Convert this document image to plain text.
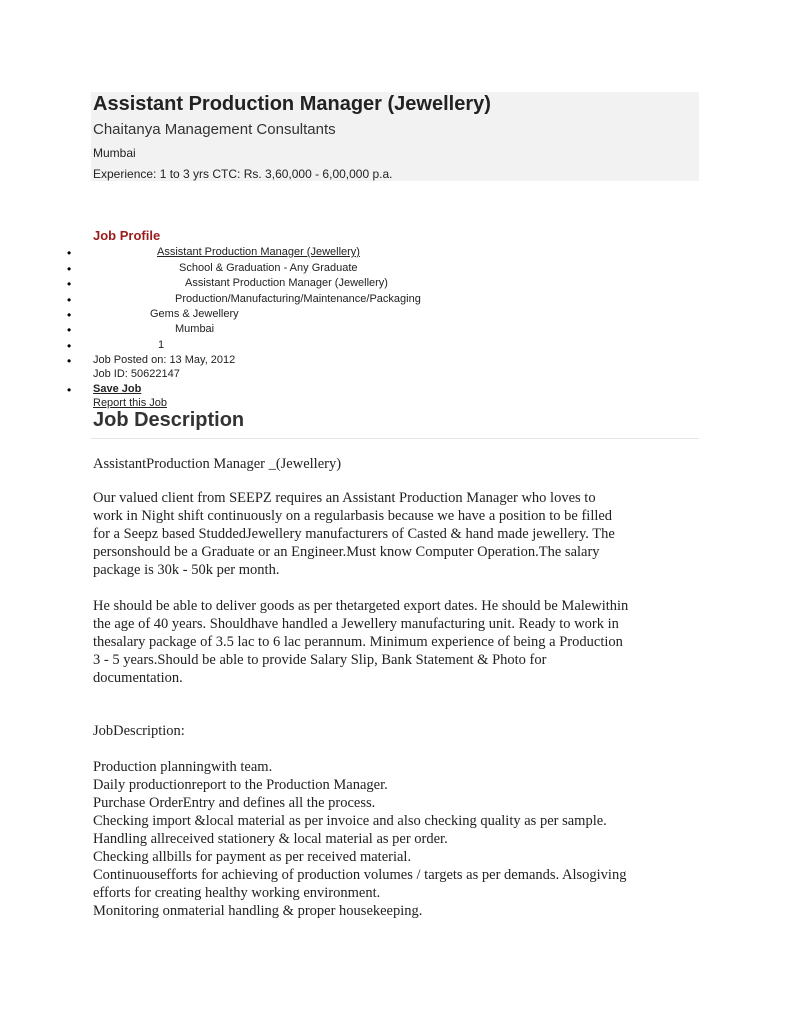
Assistant Production Manager (Jewellery)
Chaitanya Management Consultants
Mumbai
Experience: 1 to 3 yrs CTC: Rs. 3,60,000 - 6,00,000 p.a.
Job Profile
•	Assistant Production Manager (Jewellery)
•	School & Graduation - Any Graduate
•	Assistant Production Manager (Jewellery)
•	Production/Manufacturing/Maintenance/Packaging
•	Gems & Jewellery
•	Mumbai
•	1
• Job Posted on: 13 May, 2012
Job ID: 50622147
• Save Job
Report this Job
Job Description
AssistantProduction Manager _(Jewellery)
Our valued client from SEEPZ requires an Assistant Production Manager who loves to
work in Night shift continuously on a regularbasis because we have a position to be filled
for a Seepz based StuddedJewellery manufacturers of Casted & hand made jewellery. The
personshould be a Graduate or an Engineer.Must know Computer Operation.The salary
package is 30k - 50k per month.
He should be able to deliver goods as per thetargeted export dates. He should be Malewithin
the age of 40 years. Shouldhave handled a Jewellery manufacturing unit. Ready to work in
thesalary package of 3.5 lac to 6 lac perannum. Minimum experience of being a Production
3 - 5 years.Should be able to provide Salary Slip, Bank Statement & Photo for
documentation.
JobDescription:
Production planningwith team.
Daily productionreport to the Production Manager.
Purchase OrderEntry and defines all the process.
Checking import &local material as per invoice and also checking quality as per sample.
Handling allreceived stationery & local material as per order.
Checking allbills for payment as per received material.
Continuousefforts for achieving of production volumes / targets as per demands. Alsogiving
efforts for creating healthy working environment.
Monitoring onmaterial handling & proper housekeeping.
